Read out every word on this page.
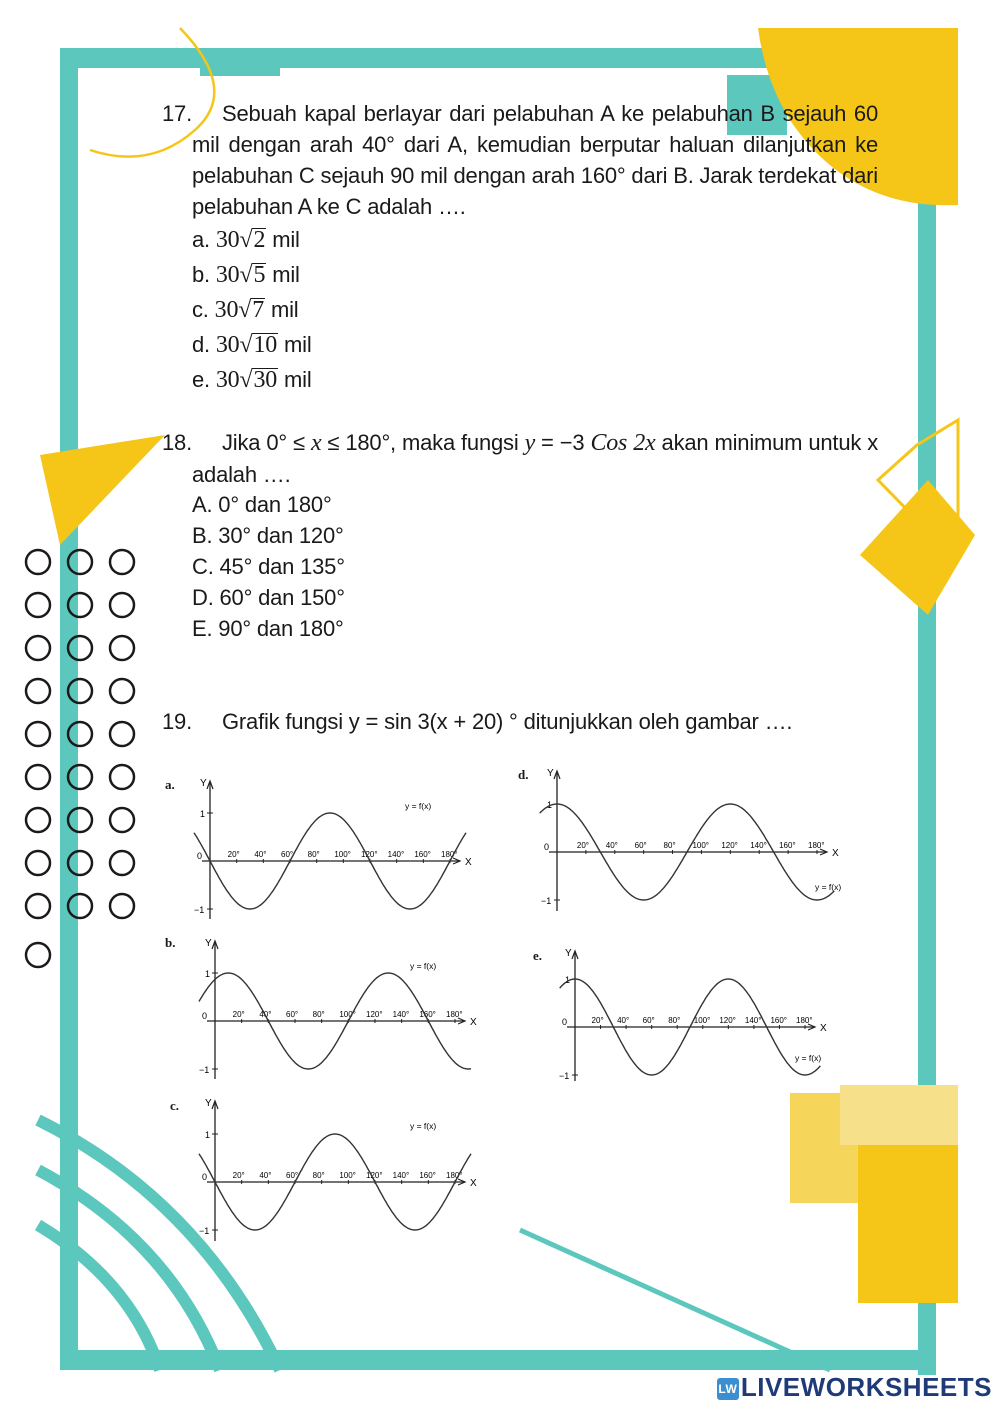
17.	Sebuah kapal berlayar dari pelabuhan A ke pelabuhan B sejauh 60 mil dengan arah 40° dari A, kemudian berputar haluan dilanjutkan ke pelabuhan C sejauh 90 mil dengan arah 160° dari B. Jarak terdekat dari pelabuhan A ke C adalah ….
a. 30√2 mil
b. 30√5 mil
c. 30√7 mil
d. 30√10 mil
e. 30√30 mil
18.	Jika 0° ≤ x ≤ 180°, maka fungsi y = −3 Cos 2x akan minimum untuk x adalah ….
A. 0° dan 180°
B. 30° dan 120°
C. 45° dan 135°
D. 60° dan 150°
E. 90° dan 180°
19. Grafik fungsi y = sin 3(x + 20) ° ditunjukkan oleh gambar ….
a.
b.
c.
d.
e.
Y
X
1
−1
0	20° 40° 60° 80° 100° 120° 140° 160° 180°
y = f(x)
Y
X
1
−1
0	20° 40° 60° 80° 100° 120° 140° 160° 180°
y = f(x)
Y
X
1
−1
0	20° 40° 60° 80° 100° 120° 140° 160° 180°
y = f(x)
Y
X
1
−1
0	20° 40° 60° 80° 100° 120° 140° 160° 180°
y = f(x)
Y
X
1
−1
0	20° 40° 60° 80° 100° 120° 140° 160° 180°
y = f(x)
LW LIVEWORKSHEETS
